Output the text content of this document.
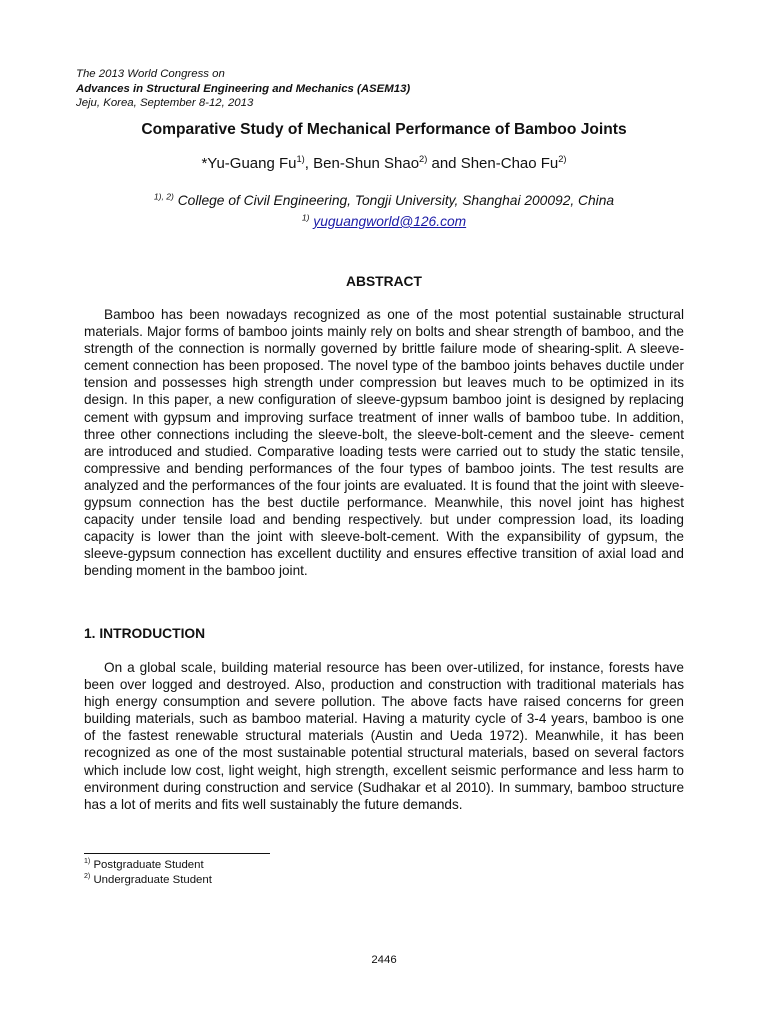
The 2013 World Congress on
Advances in Structural Engineering and Mechanics (ASEM13)
Jeju, Korea, September 8-12, 2013
Comparative Study of Mechanical Performance of Bamboo Joints
*Yu-Guang Fu$^{1)}$, Ben-Shun Shao$^{2)}$ and Shen-Chao Fu$^{2)}$
$^{1), 2)}$ College of Civil Engineering, Tongji University, Shanghai 200092, China
$^{1)}$ yuguangworld@126.com
ABSTRACT
Bamboo has been nowadays recognized as one of the most potential sustainable structural materials. Major forms of bamboo joints mainly rely on bolts and shear strength of bamboo, and the strength of the connection is normally governed by brittle failure mode of shearing-split. A sleeve-cement connection has been proposed. The novel type of the bamboo joints behaves ductile under tension and possesses high strength under compression but leaves much to be optimized in its design. In this paper, a new configuration of sleeve-gypsum bamboo joint is designed by replacing cement with gypsum and improving surface treatment of inner walls of bamboo tube. In addition, three other connections including the sleeve-bolt, the sleeve-bolt-cement and the sleeve- cement are introduced and studied. Comparative loading tests were carried out to study the static tensile, compressive and bending performances of the four types of bamboo joints. The test results are analyzed and the performances of the four joints are evaluated. It is found that the joint with sleeve-gypsum connection has the best ductile performance. Meanwhile, this novel joint has highest capacity under tensile load and bending respectively. but under compression load, its loading capacity is lower than the joint with sleeve-bolt-cement. With the expansibility of gypsum, the sleeve-gypsum connection has excellent ductility and ensures effective transition of axial load and bending moment in the bamboo joint.
1. INTRODUCTION
On a global scale, building material resource has been over-utilized, for instance, forests have been over logged and destroyed. Also, production and construction with traditional materials has high energy consumption and severe pollution. The above facts have raised concerns for green building materials, such as bamboo material. Having a maturity cycle of 3-4 years, bamboo is one of the fastest renewable structural materials (Austin and Ueda 1972). Meanwhile, it has been recognized as one of the most sustainable potential structural materials, based on several factors which include low cost, light weight, high strength, excellent seismic performance and less harm to environment during construction and service (Sudhakar et al 2010). In summary, bamboo structure has a lot of merits and fits well sustainably the future demands.
$^{1)}$ Postgraduate Student
$^{2)}$ Undergraduate Student
2446
